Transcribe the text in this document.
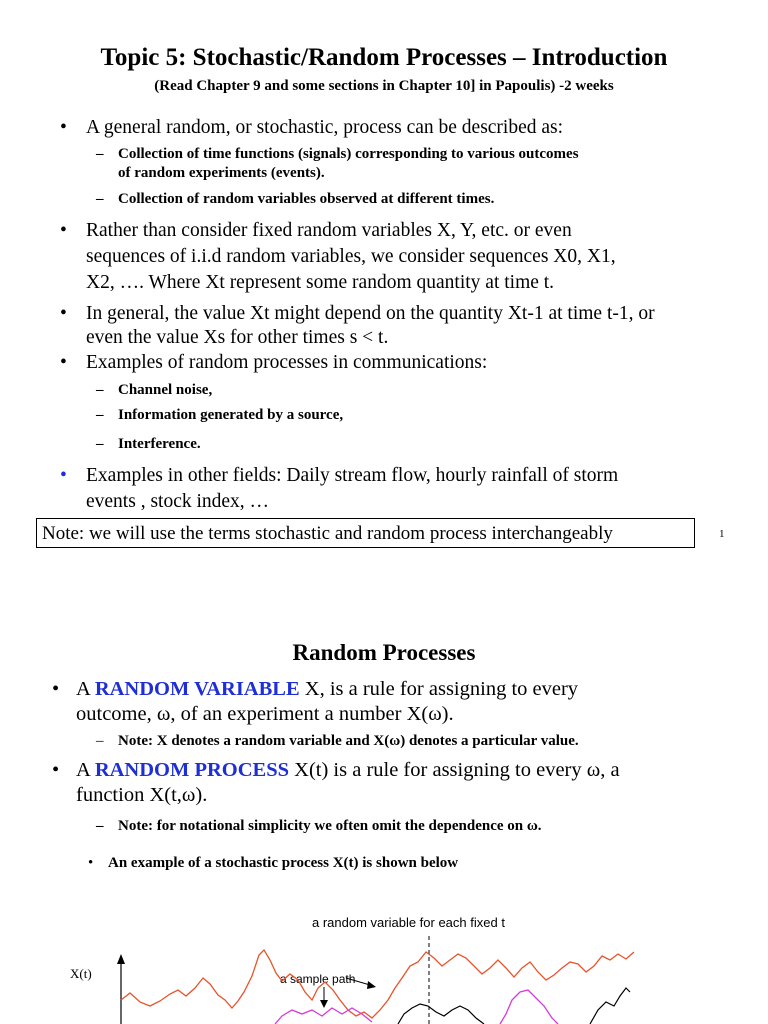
Topic 5: Stochastic/Random Processes – Introduction
(Read Chapter 9 and some sections in Chapter 10] in Papoulis) -2 weeks
• A general random, or stochastic, process can be described as:
– Collection of time functions (signals) corresponding to various outcomes
of random experiments (events).
– Collection of random variables observed at different times.
• Rather than consider fixed random variables X, Y, etc. or even
sequences of i.i.d random variables, we consider sequences X0, X1,
X2, …. Where Xt represent some random quantity at time t.
• In general, the value Xt might depend on the quantity Xt-1 at time t-1, or
even the value Xs for other times s < t.
• Examples of random processes in communications:
– Channel noise,
– Information generated by a source,
– Interference.
• Examples in other fields: Daily stream flow, hourly rainfall of storm
events , stock index, …
Note: we will use the terms stochastic and random process interchangeably	1
Random Processes
• A RANDOM VARIABLE X, is a rule for assigning to every
outcome, ω, of an experiment a number X(ω).
– Note: X denotes a random variable and X(ω) denotes a particular value.
• A RANDOM PROCESS X(t) is a rule for assigning to every ω, a
function X(t,ω).
– Note: for notational simplicity we often omit the dependence on ω.
• An example of a stochastic process X(t) is shown below
a random variable for each fixed t
a sample path
X(t)
